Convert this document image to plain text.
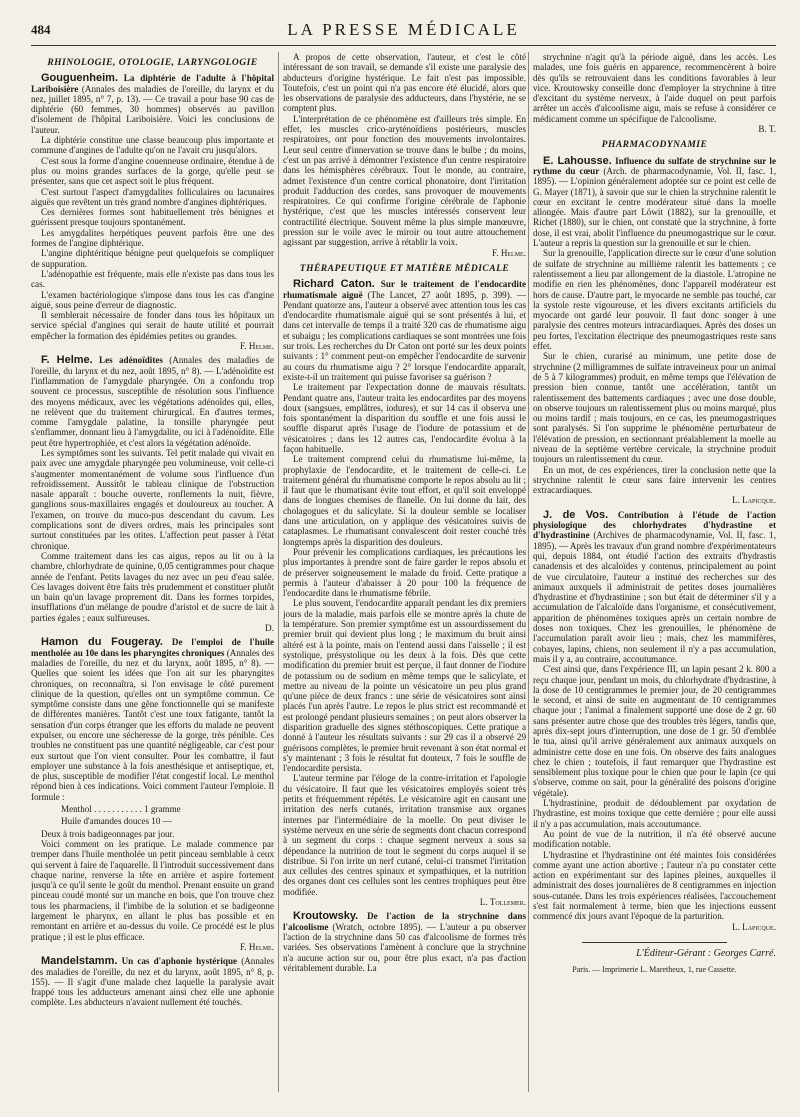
484	LA PRESSE MÉDICALE
RHINOLOGIE, OTOLOGIE, LARYNGOLOGIE
Gouguenheim. La diphtérie de l'adulte à l'hôpital Lariboisière (Annales des maladies de l'oreille, du larynx et du nez, juillet 1895, n° 7, p. 13). — Ce travail a pour base 90 cas de diphtérie (60 femmes, 30 hommes) observés au pavillon d'isolement de l'hôpital Lariboisière. Voici les conclusions de l'auteur.
La diphtérie constitue une classe beaucoup plus importante et commune d'angines de l'adulte qu'on ne l'avait cru jusqu'alors.
C'est sous la forme d'angine couenneuse ordinaire, étendue à de plus ou moins grandes surfaces de la gorge, qu'elle peut se présenter, sans que cet aspect soit le plus fréquent.
C'est surtout l'aspect d'amygdalites folliculaires ou lacunaires aiguës que revêtent un très grand nombre d'angines diphtériques.
Ces dernières formes sont habituellement très bénignes et guérissent presque toujours spontanément.
Les amygdalites herpétiques peuvent parfois être une des formes de l'angine diphtérique.
L'angine diphtéritique bénigne peut quelquefois se compliquer de suppuration.
L'adénopathie est fréquente, mais elle n'existe pas dans tous les cas.
L'examen bactériologique s'impose dans tous les cas d'angine aiguë, sous peine d'erreur de diagnostic.
Il semblerait nécessaire de fonder dans tous les hôpitaux un service spécial d'angines qui serait de haute utilité et pourrait empêcher la formation des épidémies petites ou grandes.
F. Helme.
F. Helme. Les adénoïdites (Annales des maladies de l'oreille, du larynx et du nez, août 1895, n° 8). — L'adénoïdite est l'inflammation de l'amygdale pharyngée. On a confondu trop souvent ce processus, susceptible de résolution sous l'influence des moyens médicaux, avec les végétations adénoïdes qui, elles, ne relèvent que du traitement chirurgical. En d'autres termes, comme l'amygdale palatine, la tonsille pharyngée peut s'enflammer, donnant lieu à l'amygdalite, ou ici à l'adénoïdite. Elle peut être hypertrophiée, et c'est alors la végétation adénoïde.
Les symptômes sont les suivants. Tel petit malade qui vivait en paix avec une amygdale pharyngée peu volumineuse, voit celle-ci s'augmenter momentanément de volume sous l'influence d'un refroidissement. Aussitôt le tableau clinique de l'obstruction nasale apparaît : bouche ouverte, ronflements la nuit, fièvre, ganglions sous-maxillaires engagés et douloureux au toucher. A l'examen, on trouve du muco-pus descendant du cavum. Les complications sont de divers ordres, mais les principales sont surtout constituées par les otites. L'affection peut passer à l'état chronique.
Comme traitement dans les cas aigus, repos au lit ou à la chambre, chlorhydrate de quinine, 0,05 centigrammes pour chaque année de l'enfant. Petits lavages du nez avec un peu d'eau salée. Ces lavages doivent être faits très prudemment et constituer plutôt un bain qu'un lavage proprement dit. Dans les formes torpides, insufflations d'un mélange de poudre d'aristol et de sucre de lait à parties égales ; eaux sulfureuses.
D.
Hamon du Fougeray. De l'emploi de l'huile mentholée au 10e dans les pharyngites chroniques (Annales des maladies de l'oreille, du nez et du larynx, août 1895, n° 8). — Quelles que soient les idées que l'on ait sur les pharyngites chroniques, on reconnaîtra, si l'on envisage le côté purement clinique de la question, qu'elles ont un symptôme commun. Ce symptôme consiste dans une gêne fonctionnelle qui se manifeste de différentes manières. Tantôt c'est une toux fatigante, tantôt la sensation d'un corps étranger que les efforts du malade ne peuvent expulser, ou encore une sécheresse de la gorge, très pénible. Ces troubles ne constituent pas une quantité négligeable, car c'est pour eux surtout que l'on vient consulter. Pour les combattre, il faut employer une substance à la fois anesthésique et antiseptique, et, de plus, susceptible de modifier l'état congestif local. Le menthol répond bien à ces indications. Voici comment l'auteur l'emploie. Il formule :
Menthol . . . . . . . . . . . 1 gramme
Huile d'amandes douces 10 —
Deux à trois badigeonnages par jour.
Voici comment on les pratique. Le malade commence par tremper dans l'huile mentholée un petit pinceau semblable à ceux qui servent à faire de l'aquarelle. Il l'introduit successivement dans chaque narine, renverse la tête en arrière et aspire fortement jusqu'à ce qu'il sente le goût du menthol. Prenant ensuite un grand pinceau coudé monté sur un manche en bois, que l'on trouve chez tous les pharmaciens, il l'imbibe de la solution et se badigeonne largement le pharynx, en allant le plus bas possible et en remontant en arrière et au-dessus du voile. Ce procédé est le plus pratique ; il est le plus efficace.
F. Helme.
Mandelstamm. Un cas d'aphonie hystérique (Annales des maladies de l'oreille, du nez et du larynx, août 1895, n° 8, p. 155). — Il s'agit d'une malade chez laquelle la paralysie avait frappé tous les adducteurs amenant ainsi chez elle une aphonie complète. Les abducteurs n'avaient nullement été touchés.
A propos de cette observation, l'auteur, et c'est le côté intéressant de son travail, se demande s'il existe une paralysie des abducteurs d'origine hystérique. Le fait n'est pas impossible. Toutefois, c'est un point qui n'a pas encore été élucidé, alors que les observations de paralysie des adducteurs, dans l'hystérie, ne se comptent plus.
L'interprétation de ce phénomène est d'ailleurs très simple. En effet, les muscles crico-aryténoïdiens postérieurs, muscles respiratoires, ont pour fonction des mouvements involontaires. Leur seul centre d'innervation se trouve dans le bulbe ; du moins, c'est un pas arrivé à démontrer l'existence d'un centre respiratoire dans les hémisphères cérébraux. Tout le monde, au contraire, admet l'existence d'un centre cortical phonatoire, dont l'irritation produit l'adduction des cordes, sans provoquer de mouvements respiratoires. Ce qui confirme l'origine cérébrale de l'aphonie hystérique, c'est que les muscles intéressés conservent leur contractilité électrique. Souvent même la plus simple manœuvre, pression sur le voile avec le miroir ou tout autre attouchement agissant par suggestion, arrive à rétablir la voix.
F. Helme.
THÉRAPEUTIQUE ET MATIÈRE MÉDICALE
Richard Caton. Sur le traitement de l'endocardite rhumatismale aiguë (The Lancet, 27 août 1895, p. 399). — Pendant quatorze ans, l'auteur a observé avec attention tous les cas d'endocardite rhumatismale aiguë qui se sont présentés à lui, et dans cet intervalle de temps il a traité 320 cas de rhumatisme aigu et subaigu ; les complications cardiaques se sont montrées une fois sur trois. Les recherches du Dr Caton ont porté sur les deux points suivants : 1° comment peut-on empêcher l'endocardite de survenir au cours du rhumatisme aigu ? 2° lorsque l'endocardite apparaît, existe-t-il un traitement qui puisse favoriser sa guérison ?
Le traitement par l'expectation donne de mauvais résultats. Pendant quatre ans, l'auteur traita les endocardites par des moyens doux (sangsues, emplâtres, iodures), et sur 14 cas il observa une fois spontanément la disparition du souffle et une fois aussi le souffle disparut après l'usage de l'iodure de potassium et de vésicatoires ; dans les 12 autres cas, l'endocardite évolua à la façon habituelle.
Le traitement comprend celui du rhumatisme lui-même, la prophylaxie de l'endocardite, et le traitement de celle-ci. Le traitement général du rhumatisme comporte le repos absolu au lit ; il faut que le rhumatisant évite tout effort, et qu'il soit enveloppé dans de longues chemises de flanelle. On lui donne du lait, des cholagogues et du salicylate. Si la douleur semble se localiser dans une articulation, on y applique des vésicatoires suivis de cataplasmes. Le rhumatisant convalescent doit rester couché très longtemps après la disparition des douleurs.
Pour prévenir les complications cardiaques, les précautions les plus importantes à prendre sont de faire garder le repos absolu et de préserver soigneusement le malade du froid. Cette pratique a permis à l'auteur d'abaisser à 20 pour 100 la fréquence de l'endocardite dans le rhumatisme fébrile.
Le plus souvent, l'endocardite apparaît pendant les dix premiers jours de la maladie, mais parfois elle se montre après la chute de la température. Son premier symptôme est un assourdissement du premier bruit qui devient plus long ; le maximum du bruit ainsi altéré est à la pointe, mais on l'entend aussi dans l'aisselle ; il est systolique, présystolique ou les deux à la fois. Dès que cette modification du premier bruit est perçue, il faut donner de l'iodure de potassium ou de sodium en même temps que le salicylate, et mettre au niveau de la pointe un vésicatoire un peu plus grand qu'une pièce de deux francs : une série de vésicatoires sont ainsi placés l'un après l'autre. Le repos le plus strict est recommandé et est prolongé pendant plusieurs semaines ; on peut alors observer la disparition graduelle des signes stéthoscopiques. Cette pratique a donné à l'auteur les résultats suivants : sur 29 cas il a observé 29 guérisons complètes, le premier bruit revenant à son état normal et s'y maintenant ; 3 fois le résultat fut douteux, 7 fois le souffle de l'endocardite persista.
L'auteur termine par l'éloge de la contre-irritation et l'apologie du vésicatoire. Il faut que les vésicatoires employés soient très petits et fréquemment répétés. Le vésicatoire agit en causant une irritation des nerfs cutanés, irritation transmise aux organes internes par l'intermédiaire de la moelle. On peut diviser le système nerveux en une série de segments dont chacun correspond à un segment du corps : chaque segment nerveux a sous sa dépendance la nutrition de tout le segment du corps auquel il se distribue. Si l'on irrite un nerf cutané, celui-ci transmet l'irritation aux cellules des centres spinaux et sympathiques, et la nutrition des organes dont ces cellules sont les centres trophiques peut être modifiée.
L. Tollemer.
Kroutowsky. De l'action de la strychnine dans l'alcoolisme (Wratch, octobre 1895). — L'auteur a pu observer l'action de la strychnine dans 50 cas d'alcoolisme de formes très variées. Ses observations l'amènent à conclure que la strychnine n'a aucune action sur ou, pour être plus exact, n'a pas d'action véritablement durable. La
strychnine n'agit qu'à la période aiguë, dans les accès. Les malades, une fois guéris en apparence, recommencèrent à boire dès qu'ils se retrouvaient dans les conditions favorables à leur vice. Kroutowsky conseille donc d'employer la strychnine à titre d'excitant du système nerveux, à l'aide duquel on peut parfois arrêter un accès d'alcoolisme aigu, mais se refuse à considérer ce médicament comme un spécifique de l'alcoolisme.
B. T.
PHARMACODYNAMIE
E. Lahousse. Influence du sulfate de strychnine sur le rythme du cœur (Arch. de pharmacodynamie, Vol. II, fasc. 1, 1895). — L'opinion généralement adoptée sur ce point est celle de G. Mayer (1871), à savoir que sur le chien la strychnine ralentit le cœur en excitant le centre modérateur situé dans la moelle allongée. Mais d'autre part Löwit (1882), sur la grenouille, et Richet (1880), sur le chien, ont constaté que la strychnine, à forte dose, il est vrai, abolit l'influence du pneumogastrique sur le cœur. L'auteur a repris la question sur la grenouille et sur le chien.
Sur la grenouille, l'application directe sur le cœur d'une solution de sulfate de strychnine au millième ralentit les battements ; ce ralentissement a lieu par allongement de la diastole. L'atropine ne modifie en rien les phénomènes, donc l'appareil modérateur est hors de cause. D'autre part, le myocarde ne semble pas touché, car la systole reste vigoureuse, et les divers excitants artificiels du myocarde ont gardé leur pouvoir. Il faut donc songer à une paralysie des centres moteurs intracardiaques. Après des doses un peu fortes, l'excitation électrique des pneumogastriques reste sans effet.
Sur le chien, curarisé au minimum, une petite dose de strychnine (2 milligrammes de sulfate intraveineux pour un animal de 5 à 7 kilogrammes) produit, en même temps que l'élévation de pression bien connue, tantôt une accélération, tantôt un ralentissement des battements cardiaques ; avec une dose double, on observe toujours un ralentissement plus ou moins marqué, plus ou moins tardif ; mais toujours, en ce cas, les pneumogastriques sont paralysés. Si l'on supprime le phénomène perturbateur de l'élévation de pression, en sectionnant préalablement la moelle au niveau de la septième vertèbre cervicale, la strychnine produit toujours un ralentissement du cœur.
En un mot, de ces expériences, tirer la conclusion nette que la strychnine ralentit le cœur sans faire intervenir les centres extracardiaques.
L. Lapicque.
J. de Vos. Contribution à l'étude de l'action physiologique des chlorhydrates d'hydrastine et d'hydrastinine (Archives de pharmacodynamie, Vol. II, fasc. 1, 1895). — Après les travaux d'un grand nombre d'expérimentateurs qui, depuis 1884, ont étudié l'action des extraits d'hydrastis canadensis et des alcaloïdes y contenus, principalement au point de vue circulatoire, l'auteur a institué des recherches sur des animaux auxquels il administrait de petites doses journalières d'hydrastine et d'hydrastinine ; son but était de déterminer s'il y a accumulation de l'alcaloïde dans l'organisme, et consécutivement, apparition de phénomènes toxiques après un certain nombre de doses non toxiques. Chez les grenouilles, le phénomène de l'accumulation paraît avoir lieu ; mais, chez les mammifères, cobayes, lapins, chiens, non seulement il n'y a pas accumulation, mais il y a, au contraire, accoutumance.
C'est ainsi que, dans l'expérience III, un lapin pesant 2 k. 800 a reçu chaque jour, pendant un mois, du chlorhydrate d'hydrastine, à la dose de 10 centigrammes le premier jour, de 20 centigrammes le second, et ainsi de suite en augmentant de 10 centigrammes chaque jour ; l'animal a finalement supporté une dose de 2 gr. 60 sans présenter autre chose que des troubles très légers, tandis que, après dix-sept jours d'interruption, une dose de 1 gr. 50 d'emblée le tua, ainsi qu'il arrive généralement aux animaux auxquels on administre cette dose en une fois. On observe des faits analogues chez le chien ; toutefois, il faut remarquer que l'hydrastine est sensiblement plus toxique pour le chien que pour le lapin (ce qui s'observe, comme on sait, pour la généralité des poisons d'origine végétale).
L'hydrastinine, produit de dédoublement par oxydation de l'hydrastine, est moins toxique que cette dernière ; pour elle aussi il n'y a pas accumulation, mais accoutumance.
Au point de vue de la nutrition, il n'a été observé aucune modification notable.
L'hydrastine et l'hydrastinine ont été maintes fois considérées comme ayant une action abortive ; l'auteur n'a pu constater cette action en expérimentant sur des lapines pleines, auxquelles il administrait des doses journalières de 8 centigrammes en injection sous-cutanée. Dans les trois expériences réalisées, l'accouchement s'est fait normalement à terme, bien que les injections eussent commencé dix jours avant l'époque de la parturition.
L. Lapicque.
L'Éditeur-Gérant : Georges Carré.
Paris. — Imprimerie L. Maretheux, 1, rue Cassette.
